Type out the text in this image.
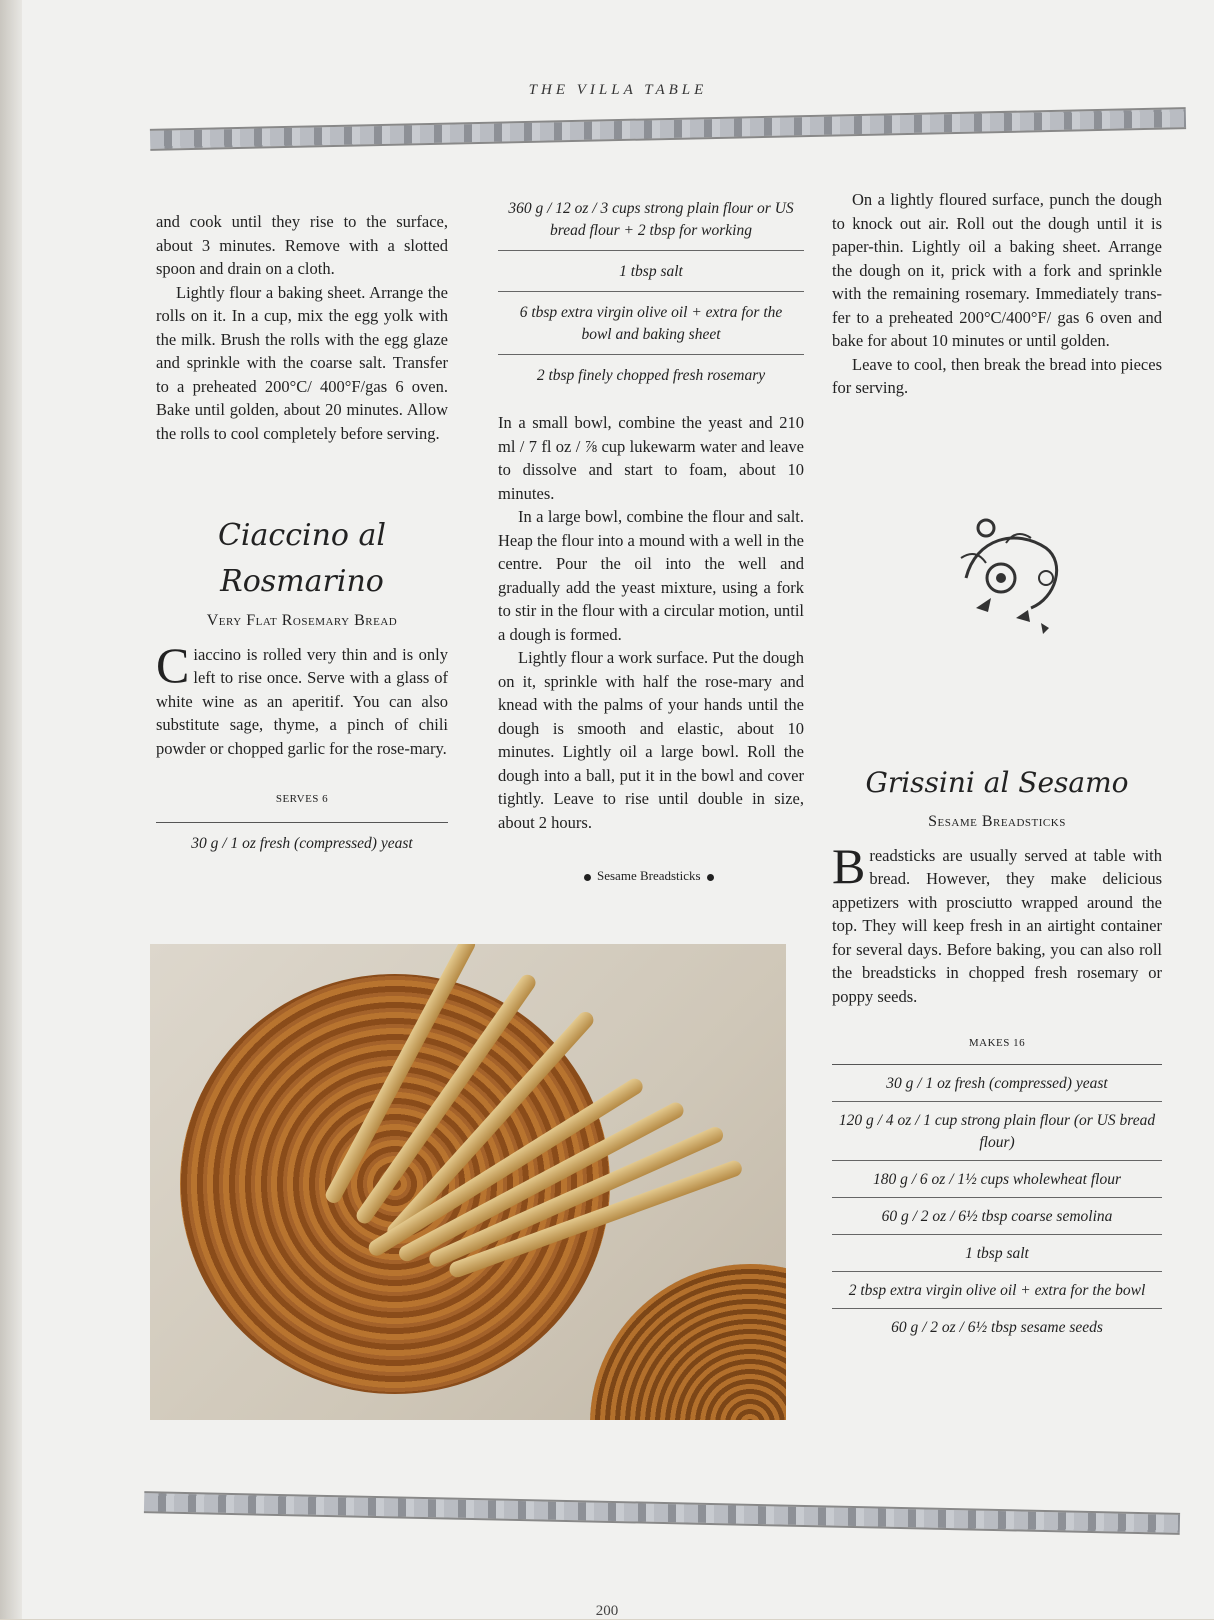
THE VILLA TABLE

and cook until they rise to the surface, about 3 minutes. Remove with a slotted spoon and drain on a cloth.

Lightly flour a baking sheet. Arrange the rolls on it. In a cup, mix the egg yolk with the milk. Brush the rolls with the egg glaze and sprinkle with the coarse salt. Transfer to a preheated 200°C/ 400°F/gas 6 oven. Bake until golden, about 20 minutes. Allow the rolls to cool completely before serving.

Ciaccino al
Rosmarino
Very Flat Rosemary Bread

Ciaccino is rolled very thin and is only left to rise once. Serve with a glass of white wine as an aperitif. You can also substitute sage, thyme, a pinch of chili powder or chopped garlic for the rose-mary.

SERVES 6
30 g / 1 oz fresh (compressed) yeast
360 g / 12 oz / 3 cups strong plain flour or US bread flour + 2 tbsp for working
1 tbsp salt
6 tbsp extra virgin olive oil + extra for the bowl and baking sheet
2 tbsp finely chopped fresh rosemary

In a small bowl, combine the yeast and 210 ml / 7 fl oz / ⅞ cup lukewarm water and leave to dissolve and start to foam, about 10 minutes.

In a large bowl, combine the flour and salt. Heap the flour into a mound with a well in the centre. Pour the oil into the well and gradually add the yeast mixture, using a fork to stir in the flour with a circular motion, until a dough is formed.

Lightly flour a work surface. Put the dough on it, sprinkle with half the rose-mary and knead with the palms of your hands until the dough is smooth and elastic, about 10 minutes. Lightly oil a large bowl. Roll the dough into a ball, put it in the bowl and cover tightly. Leave to rise until double in size, about 2 hours.

Sesame Breadsticks

On a lightly floured surface, punch the dough to knock out air. Roll out the dough until it is paper-thin. Lightly oil a baking sheet. Arrange the dough on it, prick with a fork and sprinkle with the remaining rosemary. Immediately trans-fer to a preheated 200°C/400°F/ gas 6 oven and bake for about 10 minutes or until golden.

Leave to cool, then break the bread into pieces for serving.

Grissini al Sesamo
Sesame Breadsticks

Breadsticks are usually served at table with bread. However, they make delicious appetizers with prosciutto wrapped around the top. They will keep fresh in an airtight container for several days. Before baking, you can also roll the breadsticks in chopped fresh rosemary or poppy seeds.

MAKES 16
30 g / 1 oz fresh (compressed) yeast
120 g / 4 oz / 1 cup strong plain flour (or US bread flour)
180 g / 6 oz / 1½ cups wholewheat flour
60 g / 2 oz / 6½ tbsp coarse semolina
1 tbsp salt
2 tbsp extra virgin olive oil + extra for the bowl
60 g / 2 oz / 6½ tbsp sesame seeds
200
